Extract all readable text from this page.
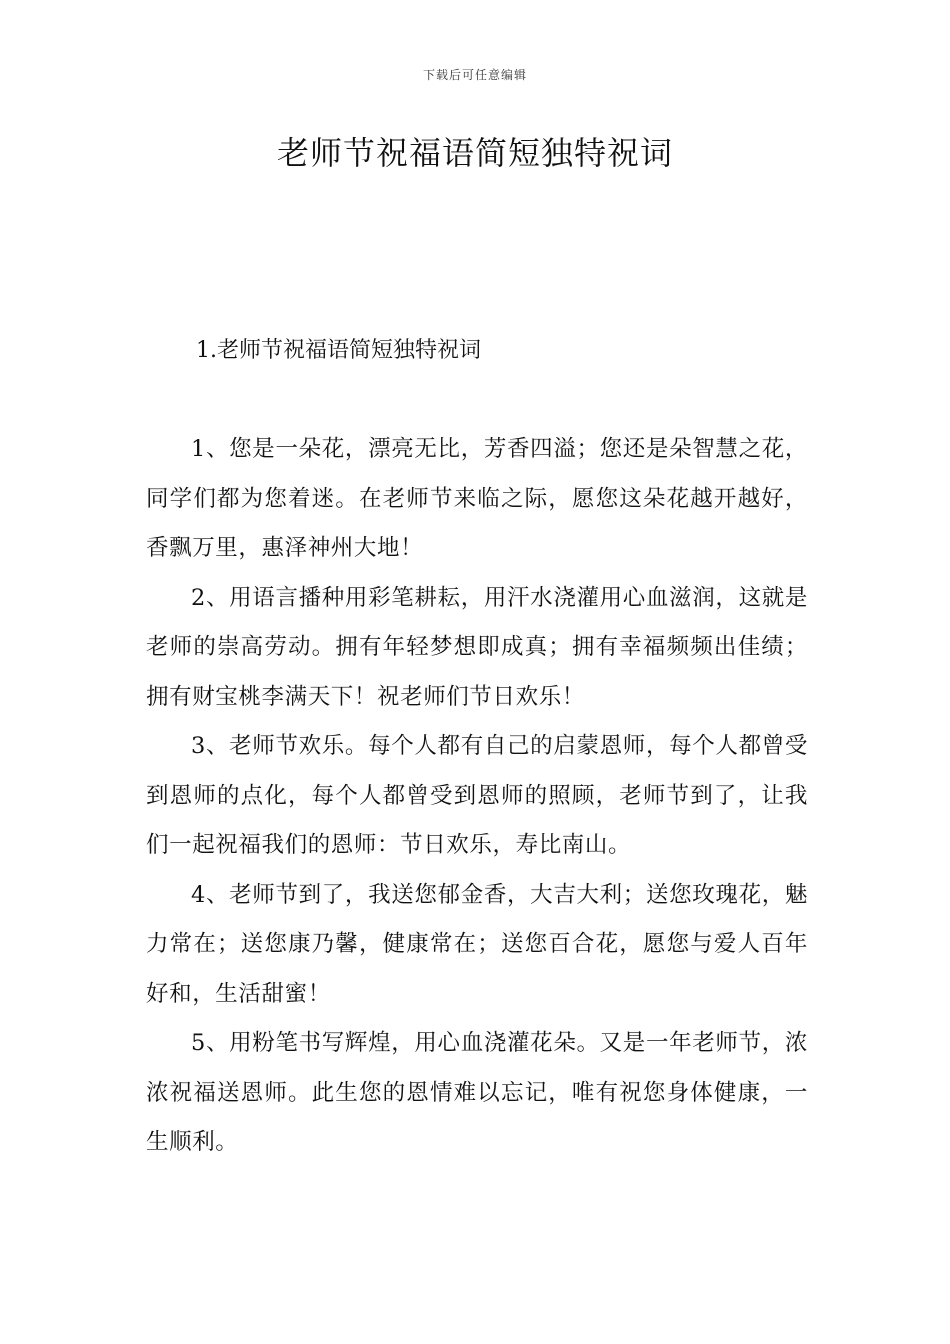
下载后可任意编辑
老师节祝福语简短独特祝词
1.老师节祝福语简短独特祝词

1、您是一朵花，漂亮无比，芳香四溢；您还是朵智慧之花，同学们都为您着迷。在老师节来临之际，愿您这朵花越开越好，香飘万里，惠泽神州大地！

2、用语言播种用彩笔耕耘，用汗水浇灌用心血滋润，这就是老师的崇高劳动。拥有年轻梦想即成真；拥有幸福频频出佳绩；拥有财宝桃李满天下！祝老师们节日欢乐！

3、老师节欢乐。每个人都有自己的启蒙恩师，每个人都曾受到恩师的点化，每个人都曾受到恩师的照顾，老师节到了，让我们一起祝福我们的恩师：节日欢乐，寿比南山。

4、老师节到了，我送您郁金香，大吉大利；送您玫瑰花，魅力常在；送您康乃馨，健康常在；送您百合花，愿您与爱人百年好和，生活甜蜜！

5、用粉笔书写辉煌，用心血浇灌花朵。又是一年老师节，浓浓祝福送恩师。此生您的恩情难以忘记，唯有祝您身体健康，一生顺利。
